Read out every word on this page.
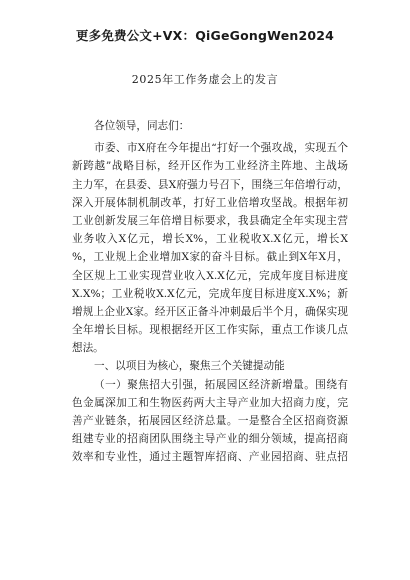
更多免费公文+VX：QiGeGongWen2024
2025年工作务虚会上的发言
各位领导，同志们：
市委、市X府在今年提出“打好一个强攻战，实现五个
新跨越”战略目标，经开区作为工业经济主阵地、主战场
主力军，在县委、县X府强力号召下，围绕三年倍增行动，
深入开展体制机制改革，打好工业倍增攻坚战。根据年初
工业创新发展三年倍增目标要求，我县确定全年实现主营
业务收入X亿元，增长X%，工业税收X.X亿元，增长X
%，工业规上企业增加X家的奋斗目标。截止到X年X月，
全区规上工业实现营业收入X.X亿元，完成年度目标进度
X.X%；工业税收X.X亿元，完成年度目标进度X.X%；新
增规上企业X家。经开区正备斗冲刺最后半个月，确保实现
全年增长目标。现根据经开区工作实际，重点工作谈几点
想法。
一、以项目为核心，聚焦三个关键提动能
（一）聚焦招大引强，拓展园区经济新增量。围绕有
色金属深加工和生物医药两大主导产业加大招商力度，完
善产业链条，拓展园区经济总量。一是整合全区招商资源
组建专业的招商团队围绕主导产业的细分领域，提高招商
效率和专业性，通过主题智库招商、产业园招商、驻点招
